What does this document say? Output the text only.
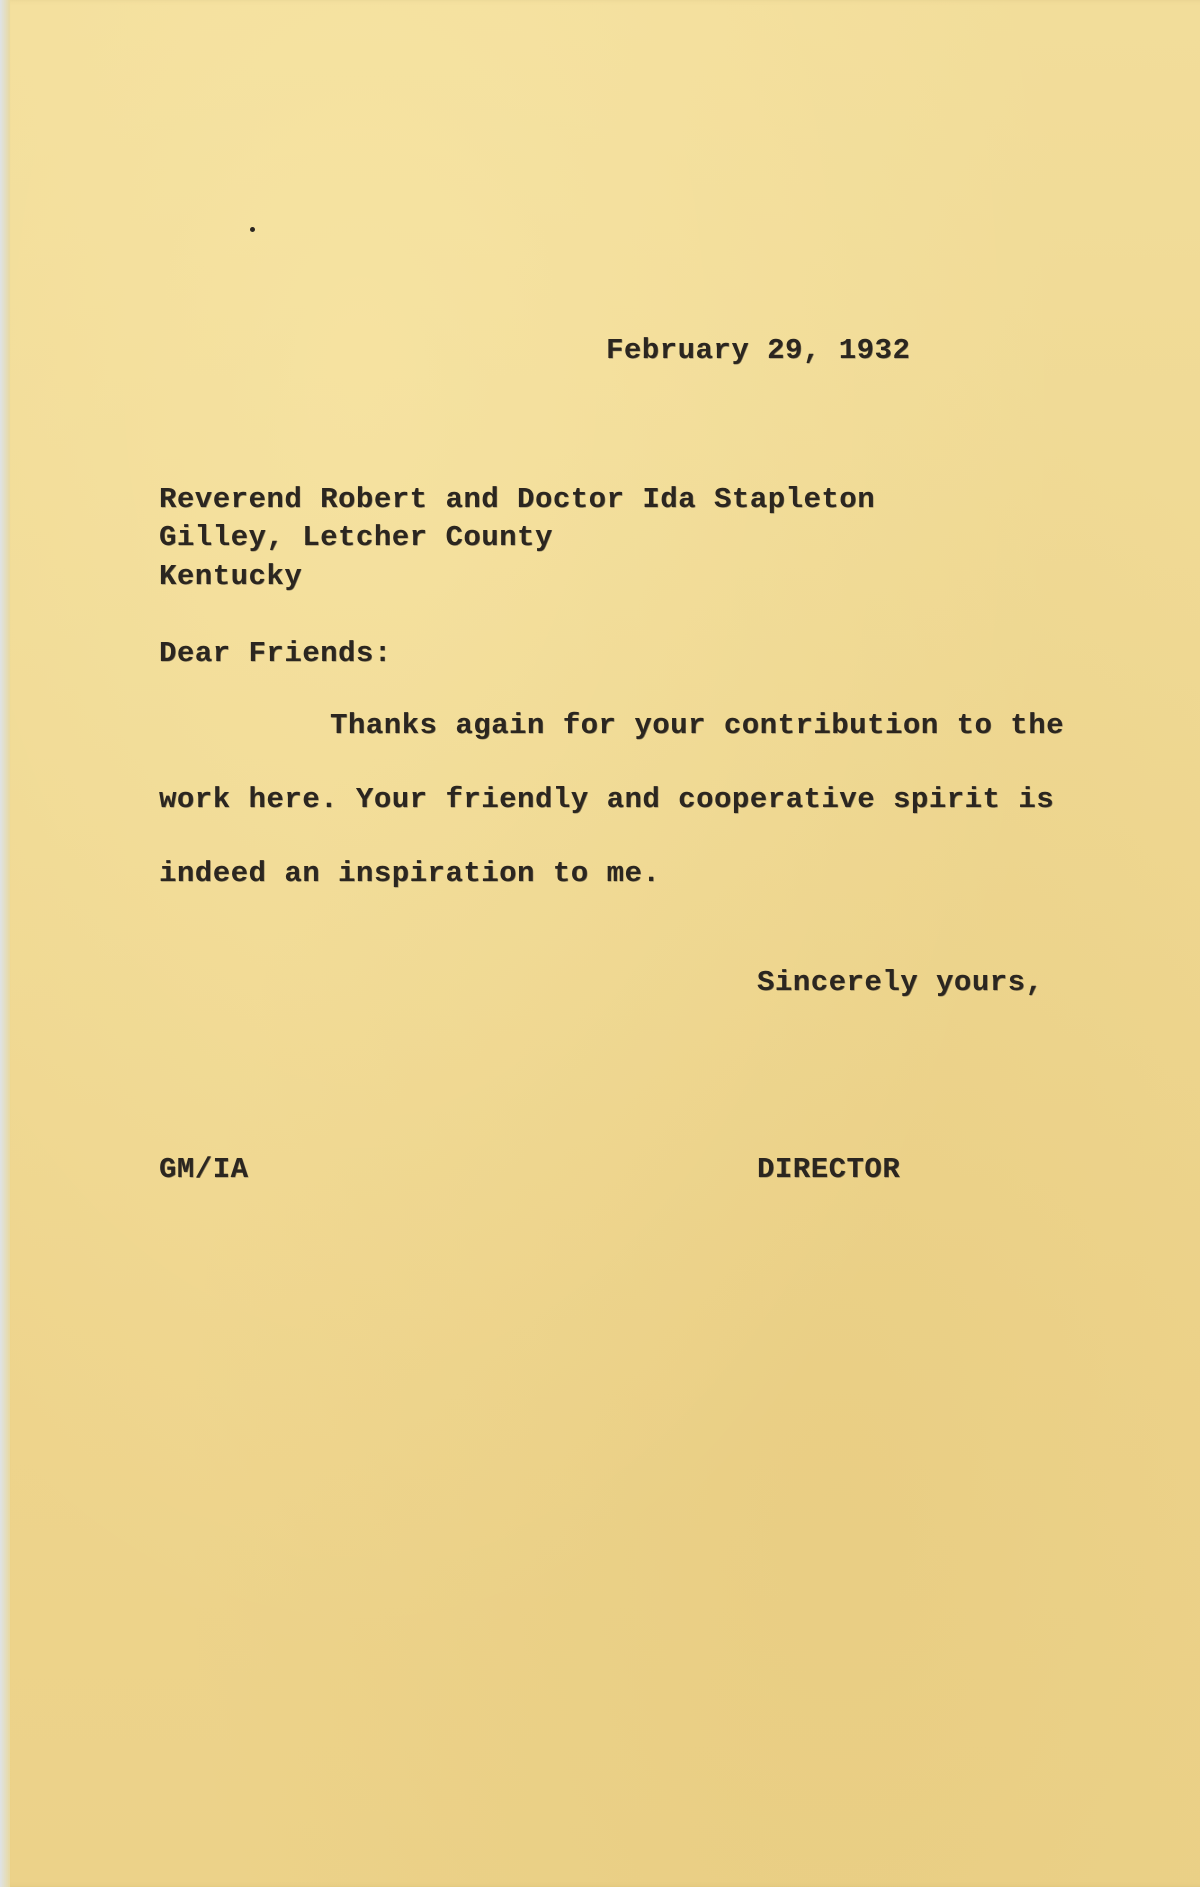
February 29, 1932
Reverend Robert and Doctor Ida Stapleton
Gilley, Letcher County
Kentucky
Dear Friends:
Thanks again for your contribution to the
work here. Your friendly and cooperative spirit is
indeed an inspiration to me.
Sincerely yours,
GM/IA	DIRECTOR
